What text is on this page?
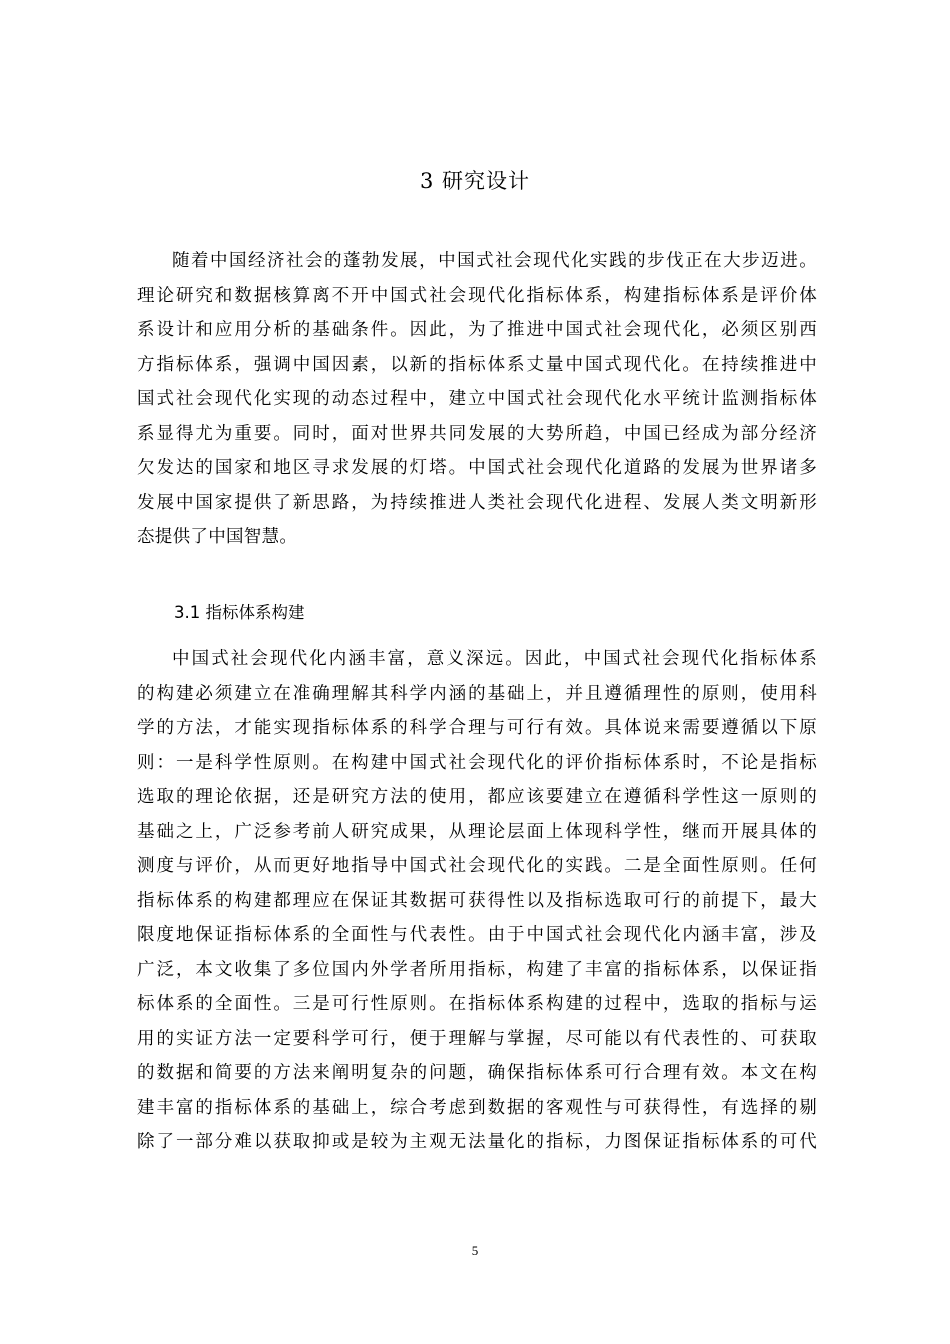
3 研究设计
随着中国经济社会的蓬勃发展，中国式社会现代化实践的步伐正在大步迈进。
理论研究和数据核算离不开中国式社会现代化指标体系，构建指标体系是评价体
系设计和应用分析的基础条件。因此，为了推进中国式社会现代化，必须区别西
方指标体系，强调中国因素，以新的指标体系丈量中国式现代化。在持续推进中
国式社会现代化实现的动态过程中，建立中国式社会现代化水平统计监测指标体
系显得尤为重要。同时，面对世界共同发展的大势所趋，中国已经成为部分经济
欠发达的国家和地区寻求发展的灯塔。中国式社会现代化道路的发展为世界诸多
发展中国家提供了新思路，为持续推进人类社会现代化进程、发展人类文明新形
态提供了中国智慧。
3.1 指标体系构建
中国式社会现代化内涵丰富，意义深远。因此，中国式社会现代化指标体系
的构建必须建立在准确理解其科学内涵的基础上，并且遵循理性的原则，使用科
学的方法，才能实现指标体系的科学合理与可行有效。具体说来需要遵循以下原
则：一是科学性原则。在构建中国式社会现代化的评价指标体系时，不论是指标
选取的理论依据，还是研究方法的使用，都应该要建立在遵循科学性这一原则的
基础之上，广泛参考前人研究成果，从理论层面上体现科学性，继而开展具体的
测度与评价，从而更好地指导中国式社会现代化的实践。二是全面性原则。任何
指标体系的构建都理应在保证其数据可获得性以及指标选取可行的前提下，最大
限度地保证指标体系的全面性与代表性。由于中国式社会现代化内涵丰富，涉及
广泛，本文收集了多位国内外学者所用指标，构建了丰富的指标体系，以保证指
标体系的全面性。三是可行性原则。在指标体系构建的过程中，选取的指标与运
用的实证方法一定要科学可行，便于理解与掌握，尽可能以有代表性的、可获取
的数据和简要的方法来阐明复杂的问题，确保指标体系可行合理有效。本文在构
建丰富的指标体系的基础上，综合考虑到数据的客观性与可获得性，有选择的剔
除了一部分难以获取抑或是较为主观无法量化的指标，力图保证指标体系的可代
5
